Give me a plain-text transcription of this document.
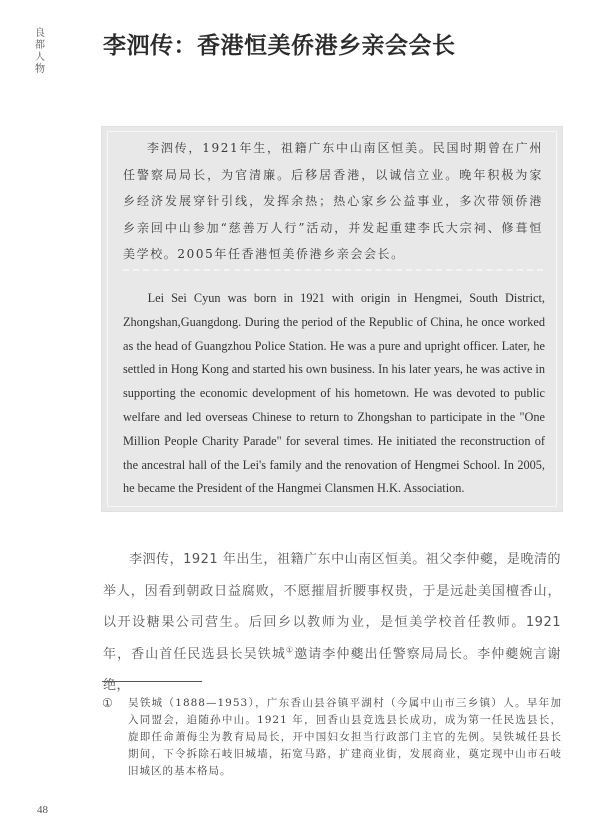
良都人物
李泗传：香港恒美侨港乡亲会会长

李泗传，1921年生，祖籍广东中山南区恒美。民国时期曾在广州任警察局局长，为官清廉。后移居香港，以诚信立业。晚年积极为家乡经济发展穿针引线，发挥余热；热心家乡公益事业，多次带领侨港乡亲回中山参加“慈善万人行”活动，并发起重建李氏大宗祠、修葺恒美学校。2005年任香港恒美侨港乡亲会会长。

Lei Sei Cyun was born in 1921 with origin in Hengmei, South District, Zhongshan,Guangdong. During the period of the Republic of China, he once worked as the head of Guangzhou Police Station. He was a pure and upright officer. Later, he settled in Hong Kong and started his own business. In his later years, he was active in supporting the economic development of his hometown. He was devoted to public welfare and led overseas Chinese to return to Zhongshan to participate in the "One Million People Charity Parade" for several times. He initiated the reconstruction of the ancestral hall of the Lei's family and the renovation of Hengmei School. In 2005, he became the President of the Hangmei Clansmen H.K. Association.

李泗传，1921 年出生，祖籍广东中山南区恒美。祖父李仲夔，是晚清的举人，因看到朝政日益腐败，不愿摧眉折腰事权贵，于是远赴美国檀香山，以开设糖果公司营生。后回乡以教师为业，是恒美学校首任教师。1921 年，香山首任民选县长吴铁城①邀请李仲夔出任警察局局长。李仲夔婉言谢绝，

① 吴铁城（1888—1953），广东香山县谷镇平湖村（今属中山市三乡镇）人。早年加入同盟会，追随孙中山。1921 年，回香山县竞选县长成功，成为第一任民选县长，旋即任命萧侮尘为教育局局长，开中国妇女担当行政部门主官的先例。吴铁城任县长期间，下令拆除石岐旧城墙，拓宽马路，扩建商业街，发展商业，奠定现中山市石岐旧城区的基本格局。

48
